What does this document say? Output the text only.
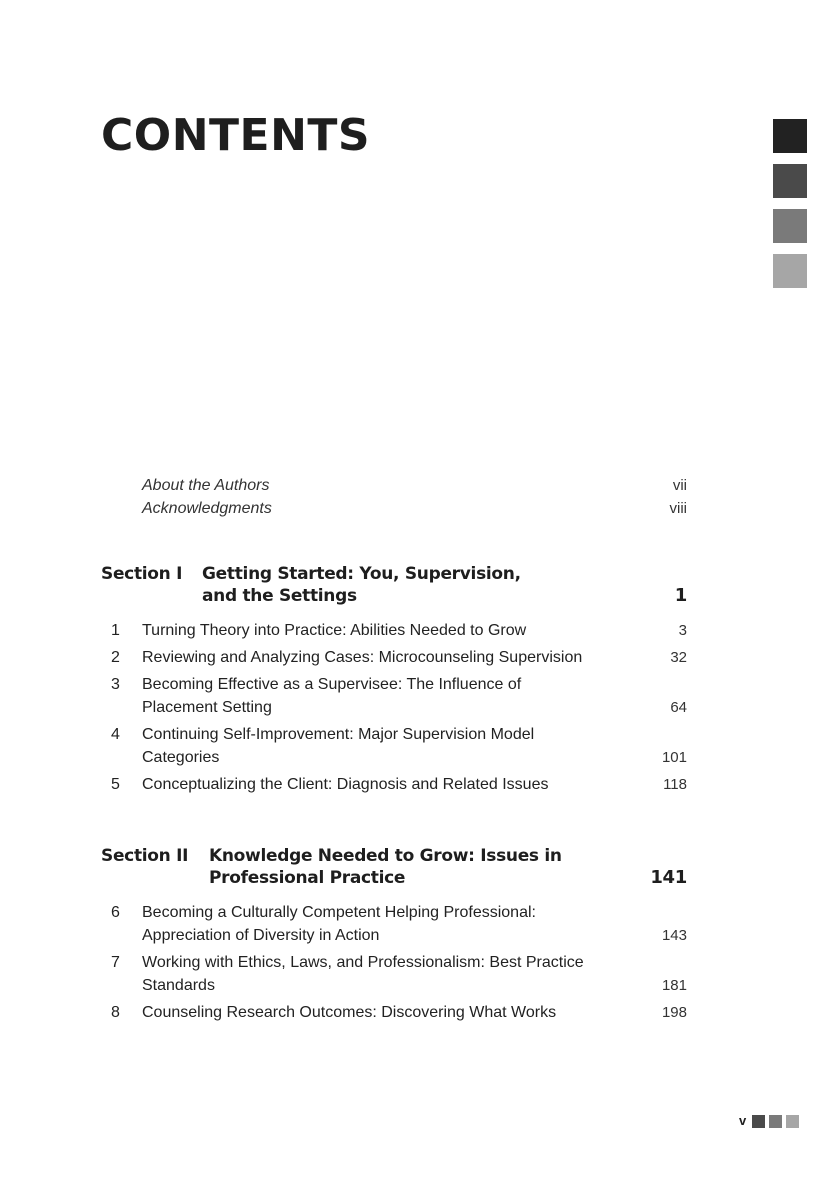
CONTENTS
About the Authors	vii
Acknowledgments	viii
Section I Getting Started: You, Supervision,
and the Settings	1
1	Turning Theory into Practice: Abilities Needed to Grow	3
2	Reviewing and Analyzing Cases: Microcounseling Supervision	32
3	Becoming Effective as a Supervisee: The Influence of
Placement Setting	64
4	Continuing Self-Improvement: Major Supervision Model
Categories	101
5	Conceptualizing the Client: Diagnosis and Related Issues	118
Section II Knowledge Needed to Grow: Issues in
Professional Practice	141
6	Becoming a Culturally Competent Helping Professional:
Appreciation of Diversity in Action	143
7	Working with Ethics, Laws, and Professionalism: Best Practice
Standards	181
8	Counseling Research Outcomes: Discovering What Works	198
v
